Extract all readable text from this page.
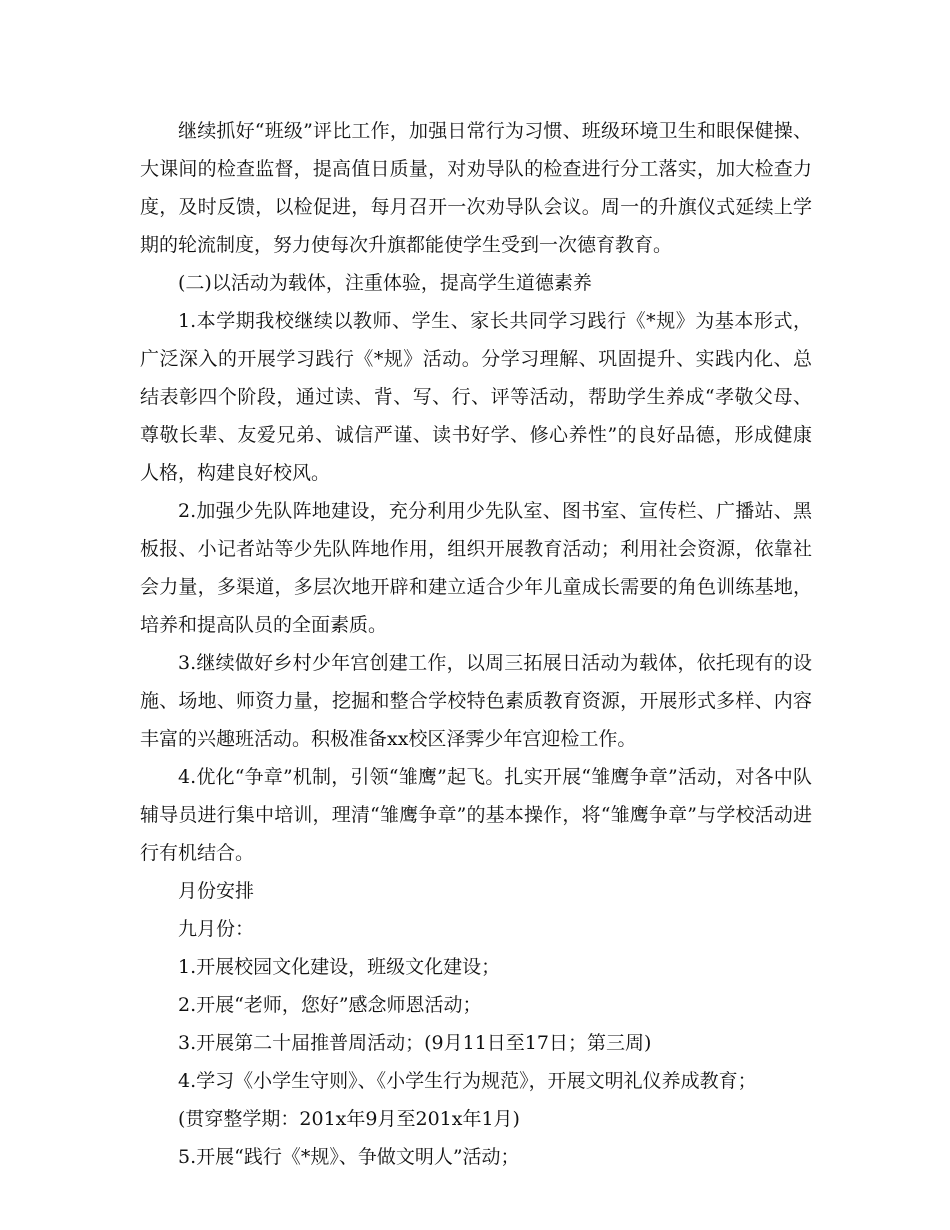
继续抓好“班级”评比工作，加强日常行为习惯、班级环境卫生和眼保健操、大课间的检查监督，提高值日质量，对劝导队的检查进行分工落实，加大检查力度，及时反馈，以检促进，每月召开一次劝导队会议。周一的升旗仪式延续上学期的轮流制度，努力使每次升旗都能使学生受到一次德育教育。

(二)以活动为载体，注重体验，提高学生道德素养

1.本学期我校继续以教师、学生、家长共同学习践行《*规》为基本形式，广泛深入的开展学习践行《*规》活动。分学习理解、巩固提升、实践内化、总结表彰四个阶段，通过读、背、写、行、评等活动，帮助学生养成“孝敬父母、尊敬长辈、友爱兄弟、诚信严谨、读书好学、修心养性”的良好品德，形成健康人格，构建良好校风。

2.加强少先队阵地建设，充分利用少先队室、图书室、宣传栏、广播站、黑板报、小记者站等少先队阵地作用，组织开展教育活动；利用社会资源，依靠社会力量，多渠道，多层次地开辟和建立适合少年儿童成长需要的角色训练基地，培养和提高队员的全面素质。

3.继续做好乡村少年宫创建工作，以周三拓展日活动为载体，依托现有的设施、场地、师资力量，挖掘和整合学校特色素质教育资源，开展形式多样、内容丰富的兴趣班活动。积极准备xx校区泽霁少年宫迎检工作。

4.优化“争章”机制，引领“雏鹰”起飞。扎实开展“雏鹰争章”活动，对各中队辅导员进行集中培训，理清“雏鹰争章”的基本操作，将“雏鹰争章”与学校活动进行有机结合。

月份安排

九月份：

1.开展校园文化建设，班级文化建设；

2.开展“老师，您好”感念师恩活动；

3.开展第二十届推普周活动；(9月11日至17日；第三周)

4.学习《小学生守则》、《小学生行为规范》，开展文明礼仪养成教育；

(贯穿整学期：201x年9月至201x年1月)

5.开展“践行《*规》、争做文明人”活动；
